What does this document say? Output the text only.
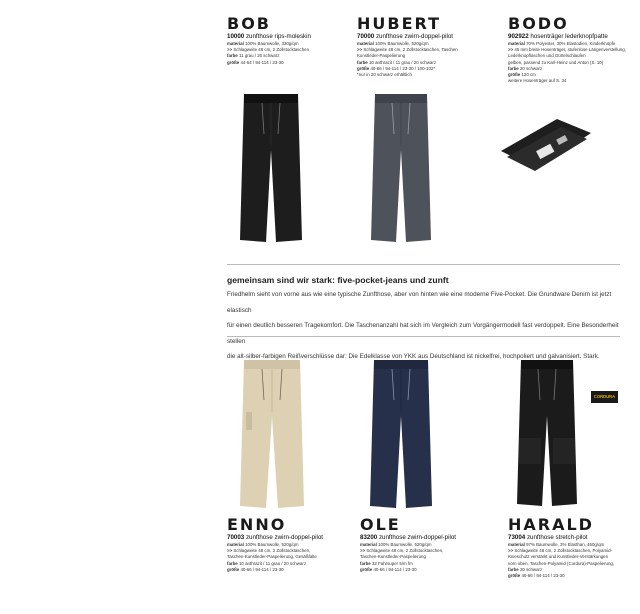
BOB
10000 zunfthose rips-moleskin
material 100% Baumwolle, 330g/qm
>> Schlagweite 48 cm, 2 Zollstocktaschen
farbe 11 grau / 20 schwarz
größe 44-64 / 94-114 / 23-30
HUBERT
70000 zunfthose zwirn-doppel-pilot
material 100% Baumwolle, 520g/qm
>> Schlagweite 48 cm, 2 Zollstocktaschen, Taschen
Kunstleder-Paspelierung
farbe 10 anthrazit / 11 grau / 20 schwarz
größe 40-66 / 94-114 / 23-30 / 100-102*
*nur in 20 schwarz erhältlich
BODO
902922 hosenträger lederknopfpatte
material 70% Polyester, 30% Elastodien, Kinderknöpfe
>> 45 mm breite Hosenträger, stufenlose Längenverstellung, Lederknopflaschen und Gürtelschlaufen
gelben, passend zu Karl-Heinz und Anton (S. 10)
farbe 20 schwarz
größe 120 cm
weitere Hosenträger auf S. 34
gemeinsam sind wir stark: five-pocket-jeans und zunft
Friedhelm sieht von vorne aus wie eine typische Zunfthose, aber von hinten wie eine moderne Five-Pocket. Die Grundware Denim ist jetzt elastisch
für einen deutlich besseren Tragekomfort. Die Taschenanzahl hat sich im Vergleich zum Vorgängermodell fast verdoppelt. Eine Besonderheit stellen
die alt-silber-farbigen Reißverschlüsse dar: Die Edelklasse von YKK aus Deutschland ist nickelfrei, hochpoliert und galvanisiert. Stark.
CORDURA
ENNO
70003 zunfthose zwirn-doppel-pilot
material 100% Baumwolle, 520g/qm
>> Schlagweite 48 cm, 2 Zollstocktaschen,
Taschen-Kunstleder-Paspelierung, Gesäßfalte
farbe 10 anthrazit / 11 grau / 20 schwarz
größe 40-66 / 94-114 / 23-30
OLE
83200 zunfthose zwirn-doppel-pilot
material 100% Baumwolle, 520g/qm
>> Schlagweite 48 cm, 2 Zollstocktaschen,
Taschen-Kunstleder-Paspelierung
farbe 32 Fahrsuper 5/m fm
größe 40-66 / 94-114 / 23-30
HARALD
73004 zunfthose stretch-pilot
material 97% Baumwolle, 3% Elasthan, 460g/qm
>> Schlagweite 48 cm, 2 Zollstocktaschen, Polyamid-
Knieschutz verstärkt und Kunstleder-Verstärkungen
vorn oben, Taschen-Polyamid (Cordura)-Paspelierung,
farbe 20 schwarz
größe 40-66 / 94-114 / 23-30
